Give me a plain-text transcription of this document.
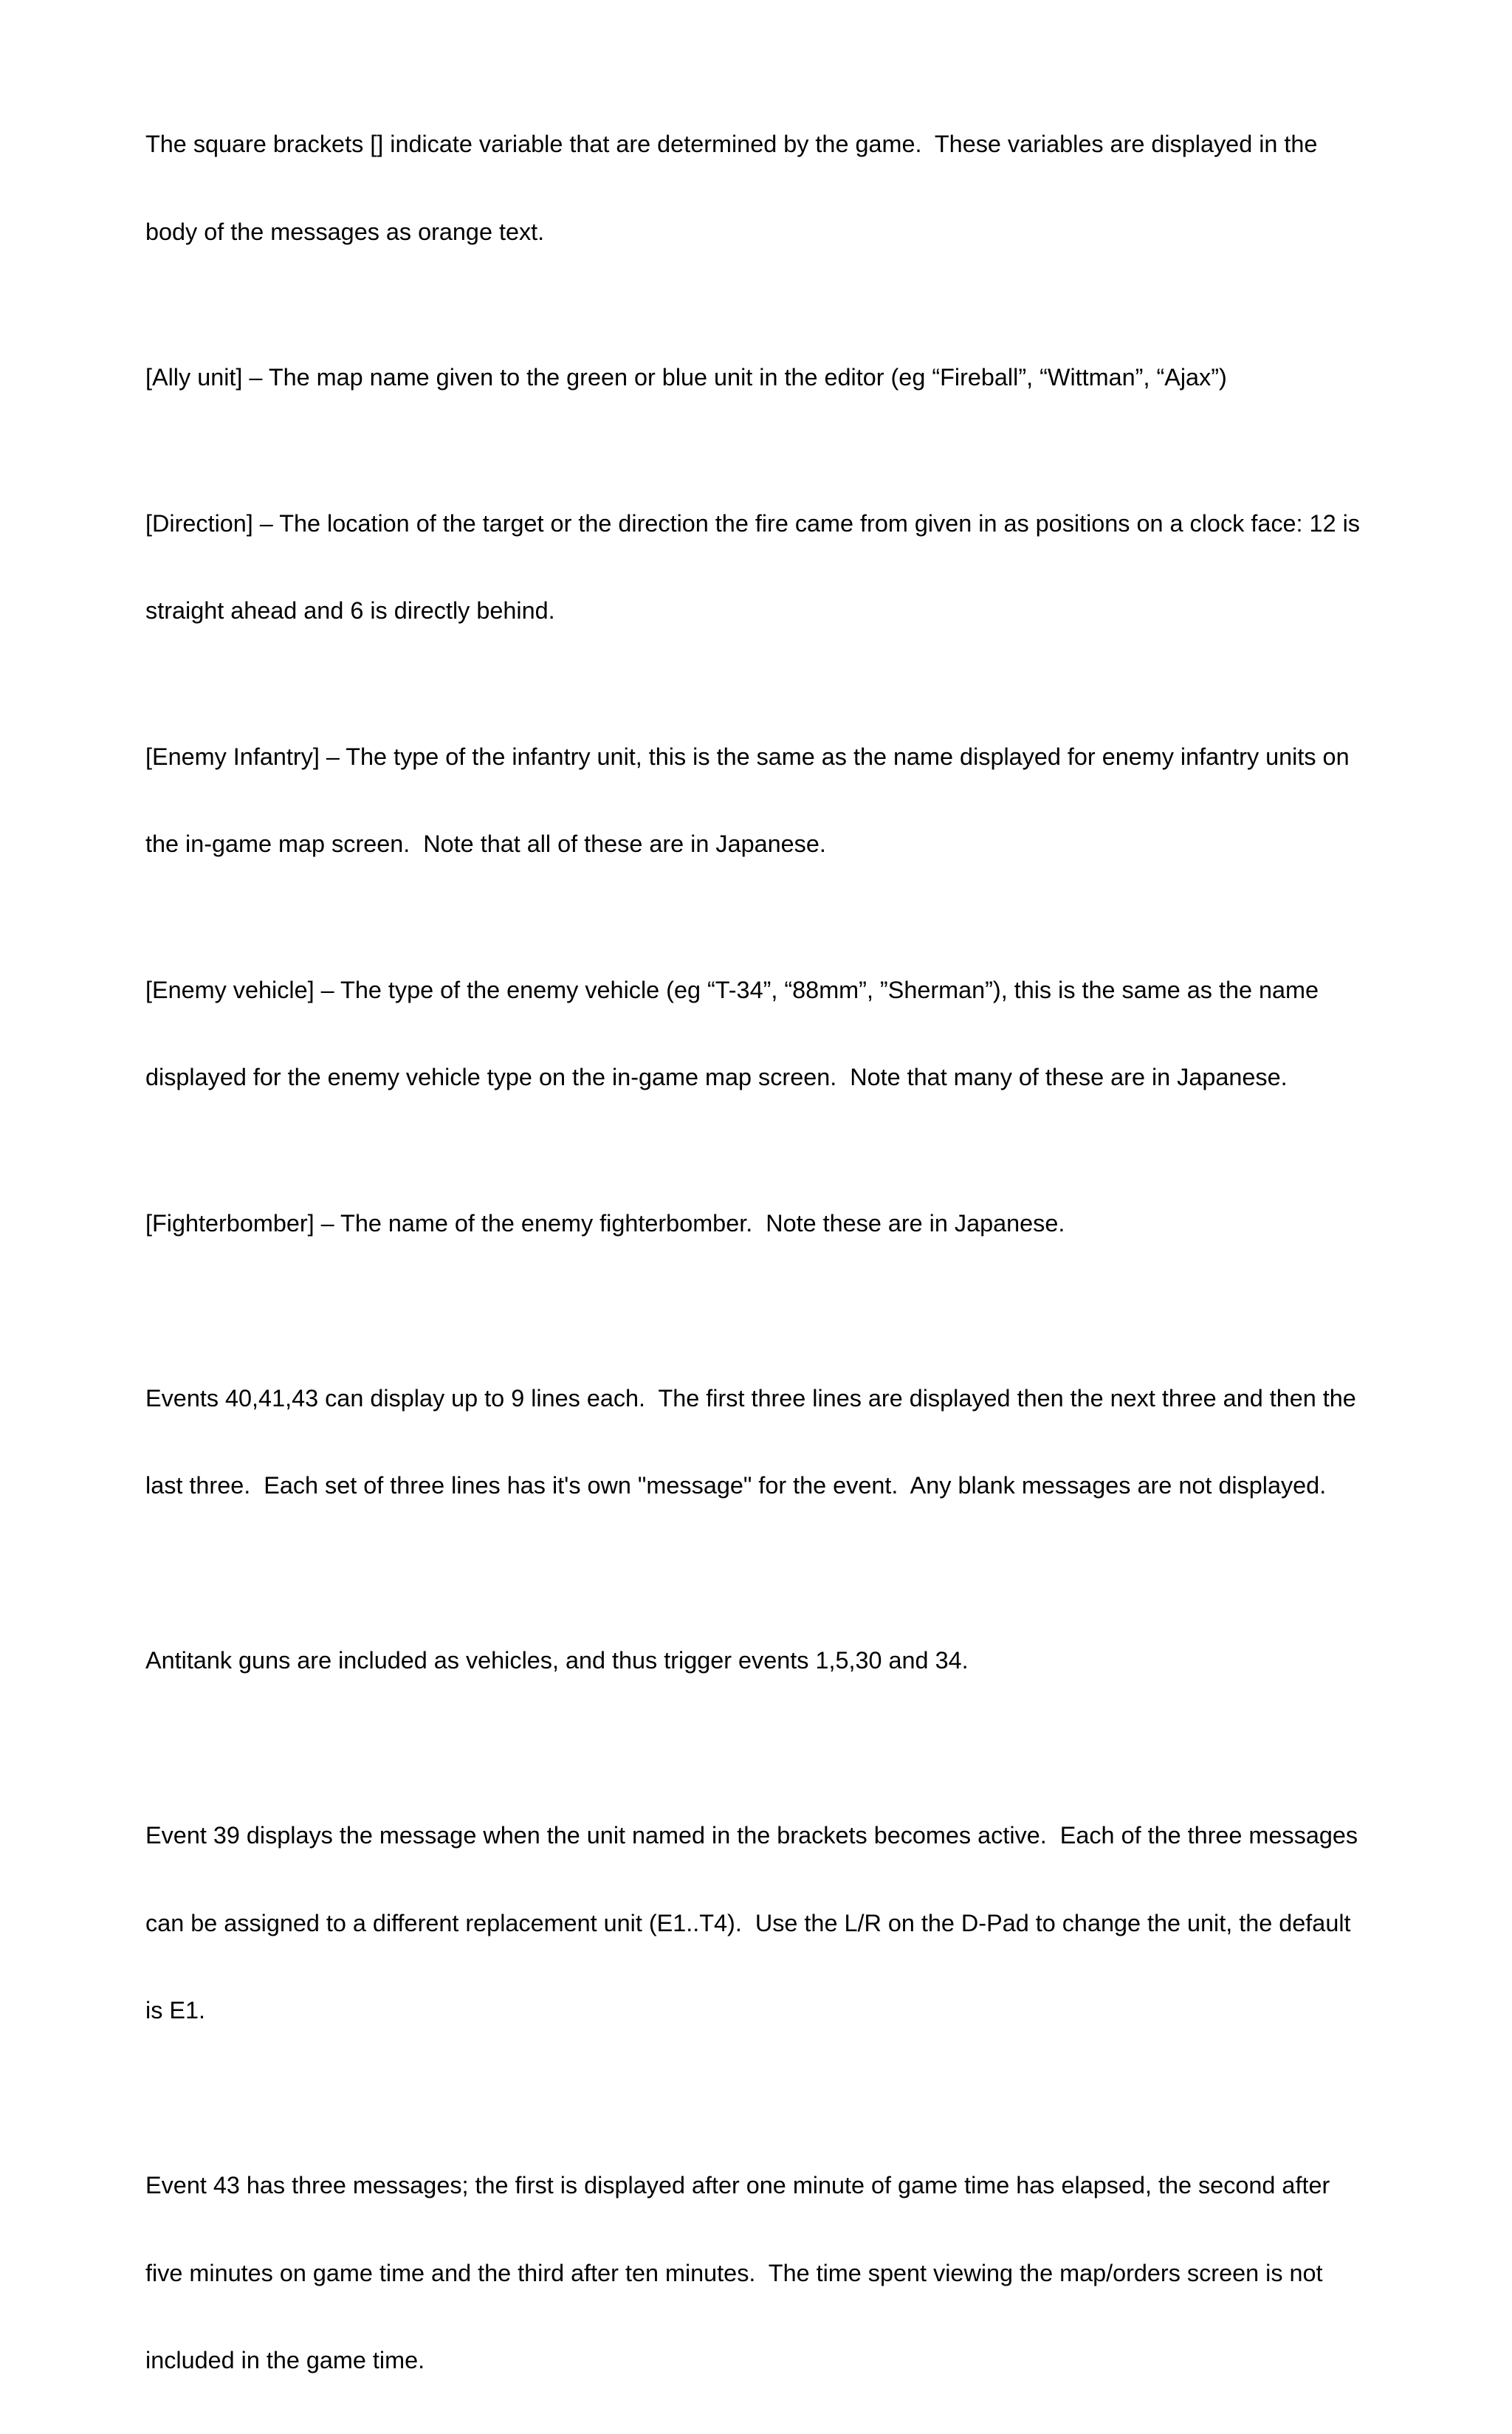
The square brackets [] indicate variable that are determined by the game.  These variables are displayed in the

body of the messages as orange text.

[Ally unit] – The map name given to the green or blue unit in the editor (eg “Fireball”, “Wittman”, “Ajax”)

[Direction] – The location of the target or the direction the fire came from given in as positions on a clock face: 12 is

straight ahead and 6 is directly behind.

[Enemy Infantry] – The type of the infantry unit, this is the same as the name displayed for enemy infantry units on

the in-game map screen.  Note that all of these are in Japanese.

[Enemy vehicle] – The type of the enemy vehicle (eg “T-34”, “88mm”, ”Sherman”), this is the same as the name

displayed for the enemy vehicle type on the in-game map screen.  Note that many of these are in Japanese.

[Fighterbomber] – The name of the enemy fighterbomber.  Note these are in Japanese.

Events 40,41,43 can display up to 9 lines each.  The first three lines are displayed then the next three and then the

last three.  Each set of three lines has it's own "message" for the event.  Any blank messages are not displayed.

Antitank guns are included as vehicles, and thus trigger events 1,5,30 and 34.

Event 39 displays the message when the unit named in the brackets becomes active.  Each of the three messages

can be assigned to a different replacement unit (E1..T4).  Use the L/R on the D-Pad to change the unit, the default

is E1.

Event 43 has three messages; the first is displayed after one minute of game time has elapsed, the second after

five minutes on game time and the third after ten minutes.  The time spent viewing the map/orders screen is not

included in the game time.
